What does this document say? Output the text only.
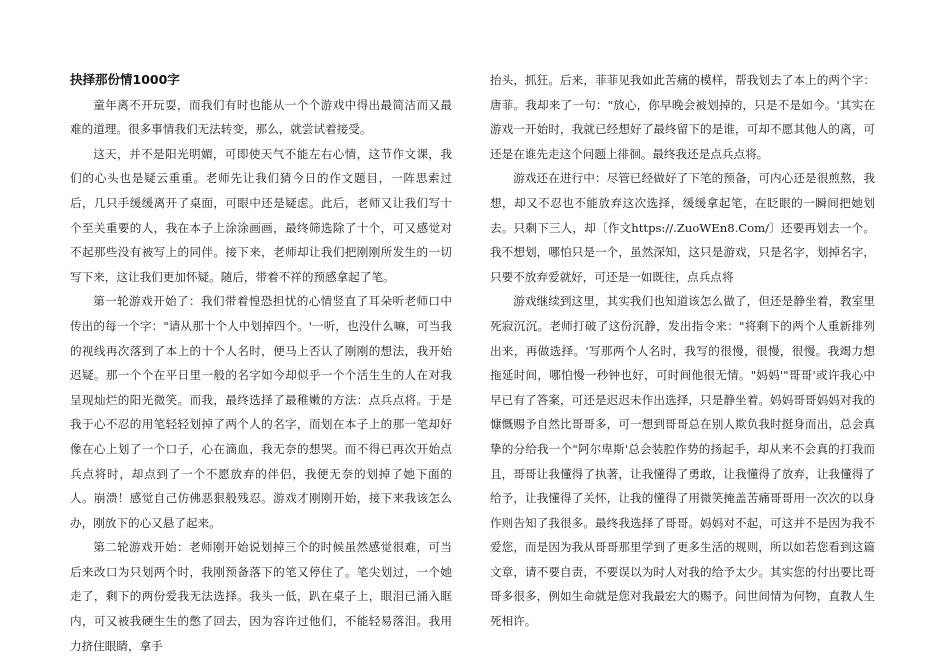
抉择那份情1000字

童年离不开玩耍，而我们有时也能从一个个游戏中得出最简洁而又最难的道理。很多事情我们无法转变，那么，就尝试着接受。

这天，并不是阳光明媚，可即使天气不能左右心情，这节作文课，我们的心头也是疑云重重。老师先让我们猜今日的作文题目，一阵思索过后，几只手缓缓离开了桌面，可眼中还是疑虑。此后，老师又让我们写十个至关重要的人，我在本子上涂涂画画，最终筛选除了十个，可又感觉对不起那些没有被写上的同伴。接下来，老师却让我们把刚刚所发生的一切写下来，这让我们更加怀疑。随后，带着不祥的预感拿起了笔。

第一轮游戏开始了：我们带着惶恐担忧的心情竖直了耳朵听老师口中传出的每一个字："请从那十个人中划掉四个。'一听，也没什么嘛，可当我的视线再次落到了本上的十个人名时，便马上否认了刚刚的想法，我开始迟疑。那一个个在平日里一般的名字如今却似乎一个个活生生的人在对我呈现灿烂的阳光微笑。而我，最终选择了最稚嫩的方法：点兵点将。于是我于心不忍的用笔轻轻划掉了两个人的名字，而划在本子上的那一笔却好像在心上划了一个口子，心在滴血，我无奈的想哭。而不得已再次开始点兵点将时，却点到了一个不愿放弃的伴侣，我便无奈的划掉了她下面的人。崩溃！感觉自己仿佛恶狠般残忍。游戏才刚刚开始，接下来我该怎么办，刚放下的心又悬了起来。

第二轮游戏开始：老师刚开始说划掉三个的时候虽然感觉很难，可当后来改口为只划两个时，我刚预备落下的笔又停住了。笔尖划过，一个她走了，剩下的两份爱我无法选择。我头一低，趴在桌子上，眼泪已涌入眶内，可又被我硬生生的憋了回去，因为容许过他们，不能轻易落泪。我用力挤住眼睛，拿手

抬头，抓狂。后来，菲菲见我如此苦痛的模样，帮我划去了本上的两个字：唐菲。我却来了一句："放心，你早晚会被划掉的，只是不是如今。'其实在游戏一开始时，我就已经想好了最终留下的是谁，可却不愿其他人的离，可还是在谁先走这个问题上徘徊。最终我还是点兵点将。

游戏还在进行中：尽管已经做好了下笔的预备，可内心还是很煎熬，我想，却又不忍也不能放弃这次选择，缓缓拿起笔，在眨眼的一瞬间把她划去。只剩下三人，却〔作文https://.ZuoWEn8.Com/〕还要再划去一个。我不想划，哪怕只是一个，虽然深知，这只是游戏，只是名字，划掉名字，只要不放弃爱就好，可还是一如既往，点兵点将

游戏继续到这里，其实我们也知道该怎么做了，但还是静坐着，教室里死寂沉沉。老师打破了这份沉静，发出指令来："将剩下的两个人重新排列出来，再做选择。'写那两个人名时，我写的很慢，很慢，很慢。我竭力想拖延时间，哪怕慢一秒钟也好，可时间他很无情。"妈妈'"哥哥'或许我心中早已有了答案，可还是迟迟未作出选择，只是静坐着。妈妈哥哥妈妈对我的慷慨赐予自然比哥哥多，可一想到哥哥总在别人欺负我时挺身而出，总会真挚的分给我一个"阿尔卑斯'总会装腔作势的扬起手，却从来不会真的打我而且，哥哥让我懂得了执著，让我懂得了勇敢，让我懂得了放弃，让我懂得了给予，让我懂得了关怀，让我的懂得了用微笑掩盖苦痛哥哥用一次次的以身作则告知了我很多。最终我选择了哥哥。妈妈对不起，可这并不是因为我不爱您，而是因为我从哥哥那里学到了更多生活的规则，所以如若您看到这篇文章，请不要自责，不要误以为时人对我的给予太少。其实您的付出要比哥哥多很多，例如生命就是您对我最宏大的赐予。问世间情为何物，直教人生死相许。
